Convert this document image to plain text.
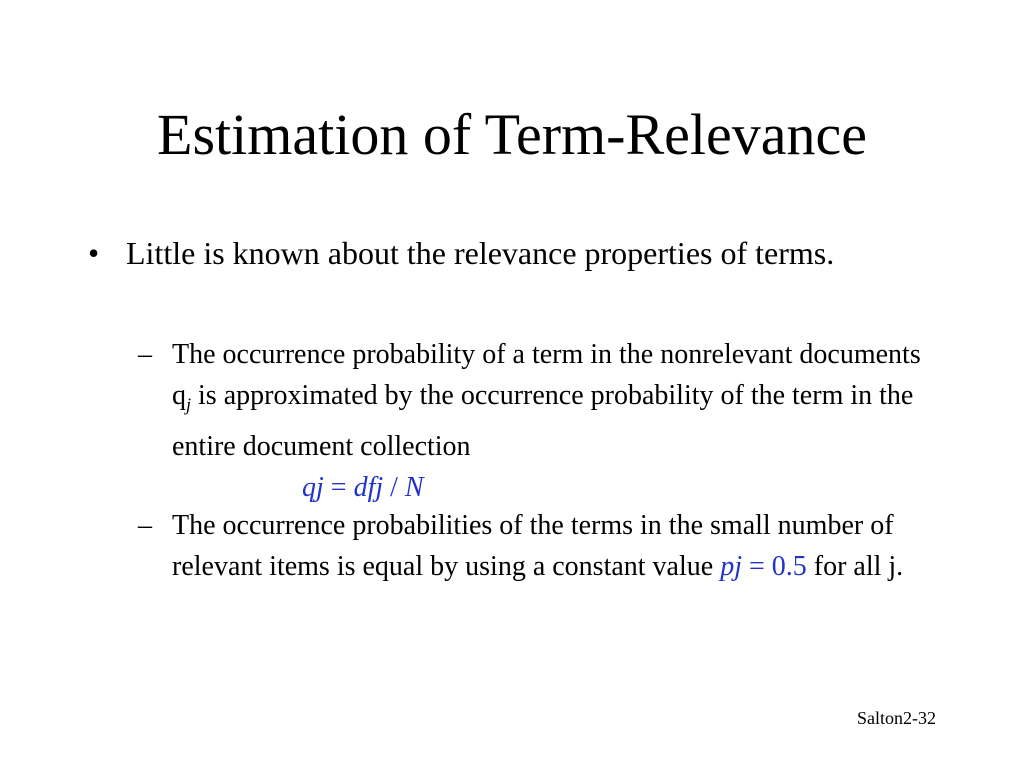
Estimation of Term-Relevance
• Little is known about the relevance properties of terms.
– The occurrence probability of a term in the nonrelevant documents $q_j$ is approximated by the occurrence probability of the term in the entire document collection
qj = dfj / N
– The occurrence probabilities of the terms in the small number of relevant items is equal by using a constant value pj = 0.5 for all j.
Salton2-32
